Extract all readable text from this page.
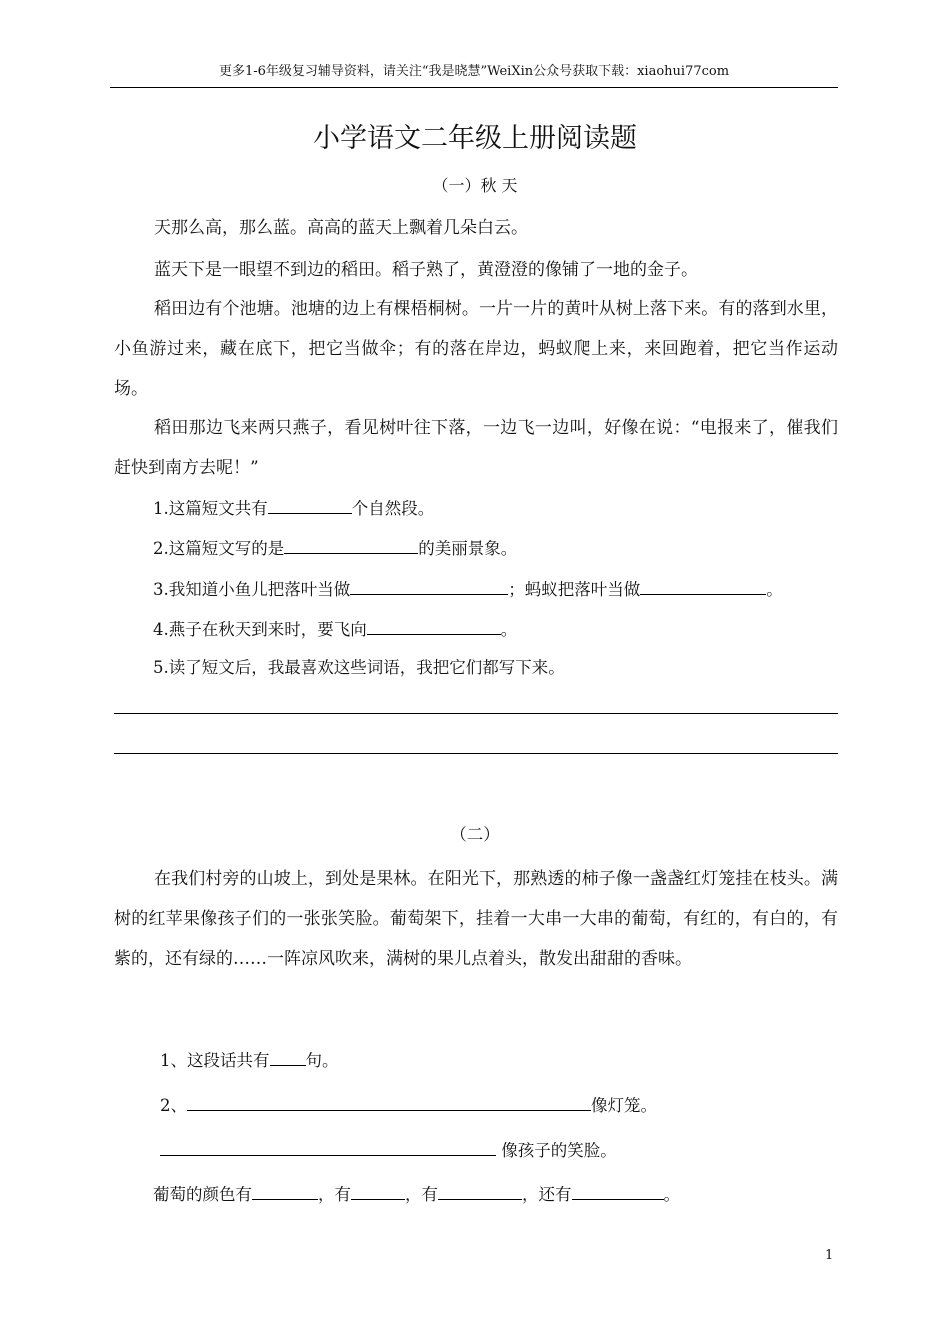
更多1-6年级复习辅导资料，请关注“我是晓慧”WeiXin公众号获取下载：xiaohui77com
小学语文二年级上册阅读题
（一）秋 天

天那么高，那么蓝。高高的蓝天上飘着几朵白云。

蓝天下是一眼望不到边的稻田。稻子熟了，黄澄澄的像铺了一地的金子。

稻田边有个池塘。池塘的边上有棵梧桐树。一片一片的黄叶从树上落下来。有的落到水里，小鱼游过来，藏在底下，把它当做伞；有的落在岸边，蚂蚁爬上来，来回跑着，把它当作运动场。

稻田那边飞来两只燕子，看见树叶往下落，一边飞一边叫，好像在说：“电报来了，催我们赶快到南方去呢！”

1.这篇短文共有	个自然段。
2.这篇短文写的是	的美丽景象。
3.我知道小鱼儿把落叶当做	；蚂蚁把落叶当做	。
4.燕子在秋天到来时，要飞向	。
5.读了短文后，我最喜欢这些词语，我把它们都写下来。
（二）

在我们村旁的山坡上，到处是果林。在阳光下，那熟透的柿子像一盏盏红灯笼挂在枝头。满树的红苹果像孩子们的一张张笑脸。葡萄架下，挂着一大串一大串的葡萄，有红的，有白的，有紫的，还有绿的……一阵凉风吹来，满树的果儿点着头，散发出甜甜的香味。

1、这段话共有 句。
2、	像灯笼。
像孩子的笑脸。
葡萄的颜色有	，有	，有	，还有	。
1
